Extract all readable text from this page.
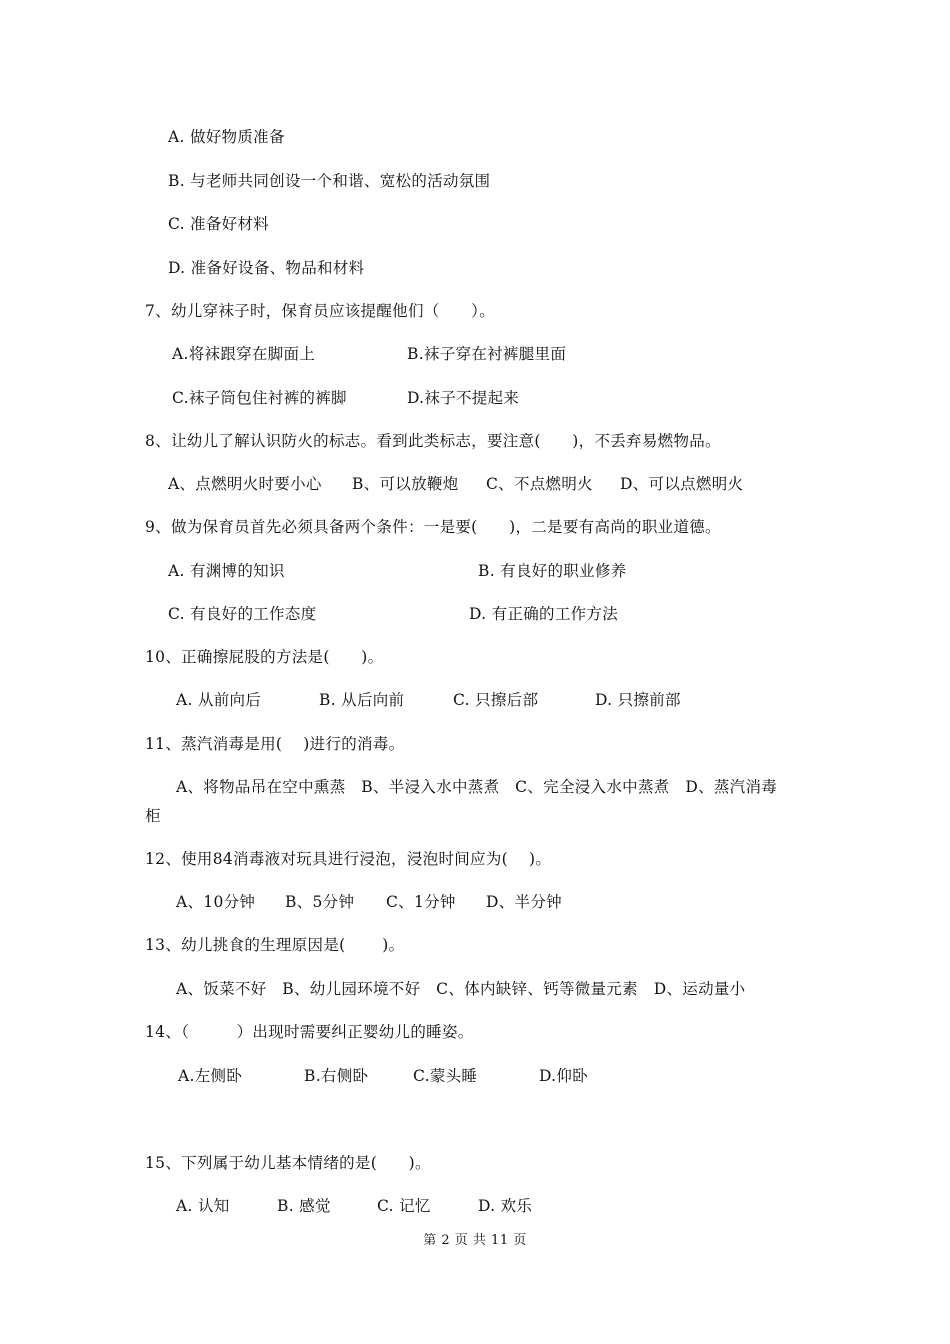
A. 做好物质准备
B. 与老师共同创设一个和谐、宽松的活动氛围
C. 准备好材料
D. 准备好设备、物品和材料
7、幼儿穿袜子时，保育员应该提醒他们（　　）。
A.将袜跟穿在脚面上	B.袜子穿在衬裤腿里面
C.袜子筒包住衬裤的裤脚	D.袜子不提起来
8、让幼儿了解认识防火的标志。看到此类标志，要注意(　　)，不丢弃易燃物品。
A、点燃明火时要小心 B、可以放鞭炮 C、不点燃明火 D、可以点燃明火
9、做为保育员首先必须具备两个条件：一是要(　　)，二是要有高尚的职业道德。
A. 有渊博的知识	B. 有良好的职业修养
C. 有良好的工作态度	D. 有正确的工作方法
10、正确擦屁股的方法是(　　)。
A. 从前向后	B. 从后向前	C. 只擦后部	D. 只擦前部
11、蒸汽消毒是用(　 )进行的消毒。
A、将物品吊在空中熏蒸　B、半浸入水中蒸煮　C、完全浸入水中蒸煮　D、蒸汽消毒
柜
12、使用84消毒液对玩具进行浸泡，浸泡时间应为(　 )。
A、10分钟 B、5分钟 C、1分钟 D、半分钟
13、幼儿挑食的生理原因是(　　 )。
A、饭菜不好　B、幼儿园环境不好　C、体内缺锌、钙等微量元素　D、运动量小
14、（　　　）出现时需要纠正婴幼儿的睡姿。
A.左侧卧	B.右侧卧	C.蒙头睡	D.仰卧
15、下列属于幼儿基本情绪的是(　　)。
A. 认知	B. 感觉	C. 记忆	D. 欢乐
第 2 页 共 11 页
